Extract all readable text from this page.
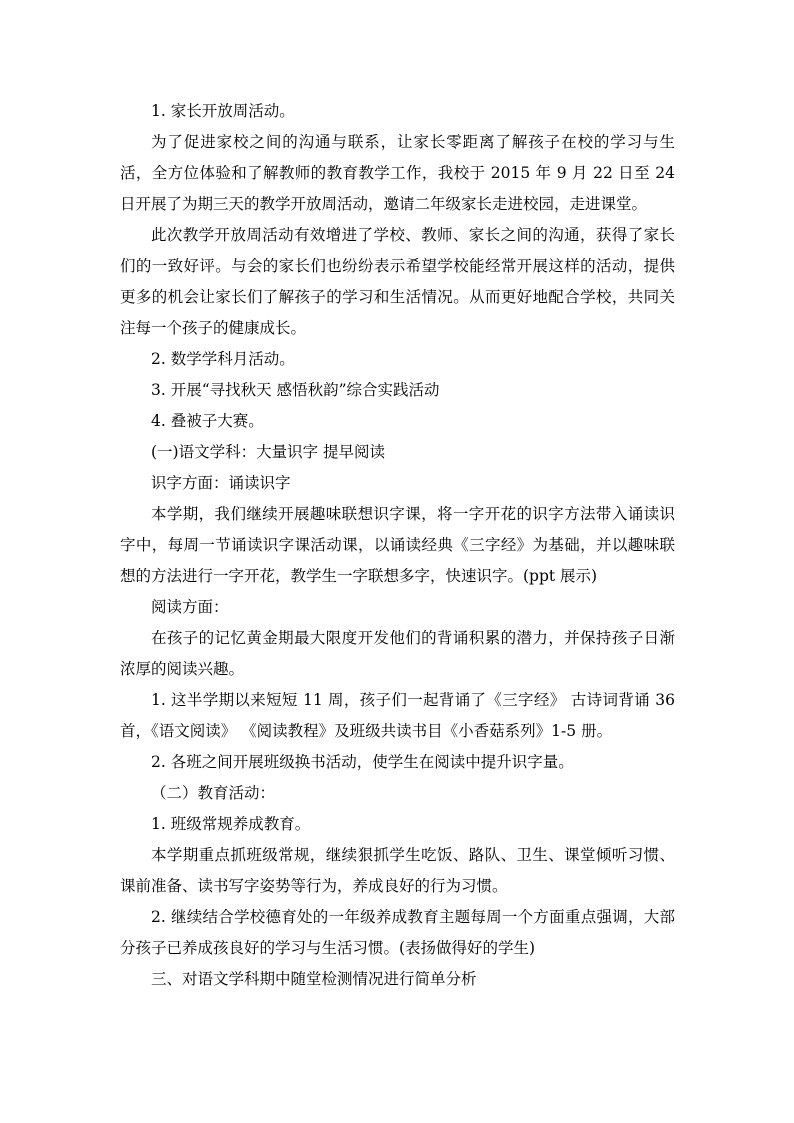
1. 家长开放周活动。

为了促进家校之间的沟通与联系，让家长零距离了解孩子在校的学习与生活，全方位体验和了解教师的教育教学工作，我校于 2015 年 9 月 22 日至 24 日开展了为期三天的教学开放周活动，邀请二年级家长走进校园，走进课堂。

此次教学开放周活动有效增进了学校、教师、家长之间的沟通，获得了家长们的一致好评。与会的家长们也纷纷表示希望学校能经常开展这样的活动，提供更多的机会让家长们了解孩子的学习和生活情况。从而更好地配合学校，共同关注每一个孩子的健康成长。

2. 数学学科月活动。

3. 开展“寻找秋天 感悟秋韵”综合实践活动

4. 叠被子大赛。

(一)语文学科：大量识字 提早阅读

识字方面：诵读识字

本学期，我们继续开展趣味联想识字课，将一字开花的识字方法带入诵读识字中，每周一节诵读识字课活动课，以诵读经典《三字经》为基础，并以趣味联想的方法进行一字开花，教学生一字联想多字，快速识字。(ppt 展示)

阅读方面：

在孩子的记忆黄金期最大限度开发他们的背诵积累的潜力，并保持孩子日渐浓厚的阅读兴趣。

1. 这半学期以来短短 11 周，孩子们一起背诵了《三字经》 古诗词背诵 36 首，《语文阅读》 《阅读教程》及班级共读书目《小香菇系列》1-5 册。

2. 各班之间开展班级换书活动，使学生在阅读中提升识字量。

（二）教育活动：

1. 班级常规养成教育。

本学期重点抓班级常规，继续狠抓学生吃饭、路队、卫生、课堂倾听习惯、课前准备、读书写字姿势等行为，养成良好的行为习惯。

2. 继续结合学校德育处的一年级养成教育主题每周一个方面重点强调，大部分孩子已养成孩良好的学习与生活习惯。(表扬做得好的学生)

三、对语文学科期中随堂检测情况进行简单分析
